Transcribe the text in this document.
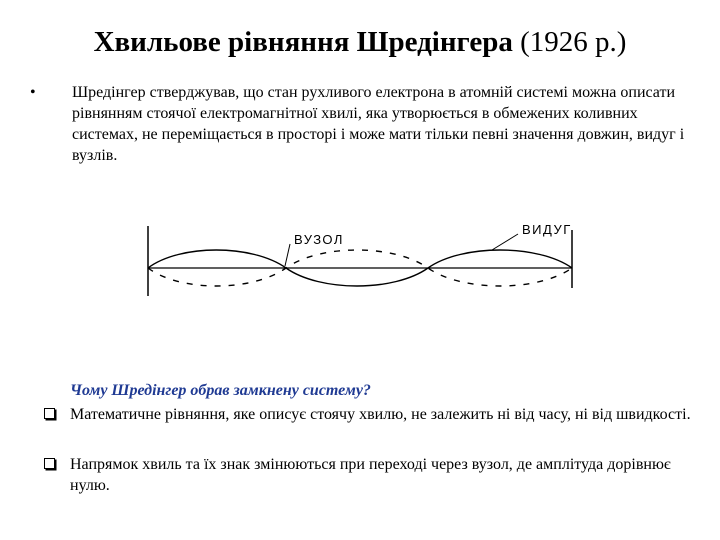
Хвильове рівняння Шредінгера (1926 р.)
• Шредінгер стверджував, що стан рухливого електрона в атомній системі можна описати рівнянням стоячої електромагнітної хвилі, яка утворюється в обмежених коливних системах, не переміщається в просторі і може мати тільки певні значення довжин, видуг і вузлів.
ВУЗОЛ
ВИДУГ
Чому Шредінгер обрав замкнену систему?
Математичне рівняння, яке описує стоячу хвилю, не залежить ні від часу, ні від швидкості.
Напрямок хвиль та їх знак змінюються при переході через вузол, де амплітуда дорівнює нулю.
